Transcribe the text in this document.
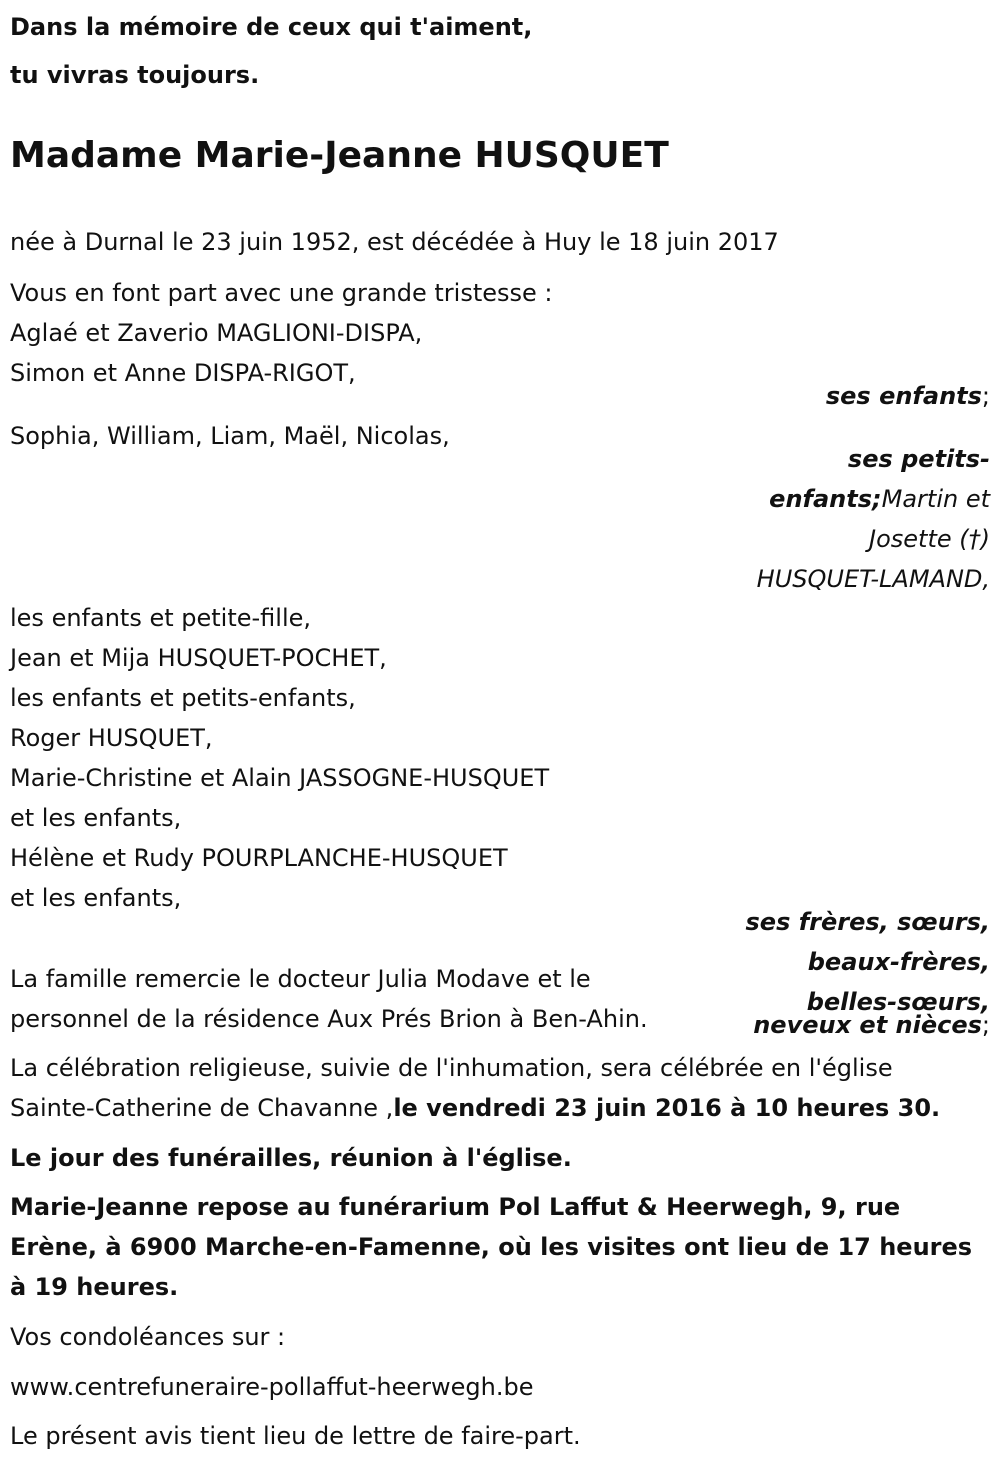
Dans la mémoire de ceux qui t'aiment,

tu vivras toujours.

Madame Marie-Jeanne HUSQUET

née à Durnal le 23 juin 1952, est décédée à Huy le 18 juin 2017

Vous en font part avec une grande tristesse :

Aglaé et Zaverio MAGLIONI-DISPA,

Simon et Anne DISPA-RIGOT,

ses enfants;

Sophia, William, Liam, Maël, Nicolas,

ses petits-

enfants;Martin et

Josette (†)

HUSQUET-LAMAND,

les enfants et petite-fille,

Jean et Mija HUSQUET-POCHET,

les enfants et petits-enfants,

Roger HUSQUET,

Marie-Christine et Alain JASSOGNE-HUSQUET

et les enfants,

Hélène et Rudy POURPLANCHE-HUSQUET

et les enfants,

ses frères, sœurs,

beaux-frères,

belles-sœurs,

neveux et nièces;

La famille remercie le docteur Julia Modave et le

personnel de la résidence Aux Prés Brion à Ben-Ahin.

La célébration religieuse, suivie de l'inhumation, sera célébrée en l'église

Sainte-Catherine de Chavanne ,le vendredi 23 juin 2016 à 10 heures 30.

Le jour des funérailles, réunion à l'église.

Marie-Jeanne repose au funérarium Pol Laffut & Heerwegh, 9, rue

Erène, à 6900 Marche-en-Famenne, où les visites ont lieu de 17 heures

à 19 heures.

Vos condoléances sur :

www.centrefuneraire-pollaffut-heerwegh.be

Le présent avis tient lieu de lettre de faire-part.
